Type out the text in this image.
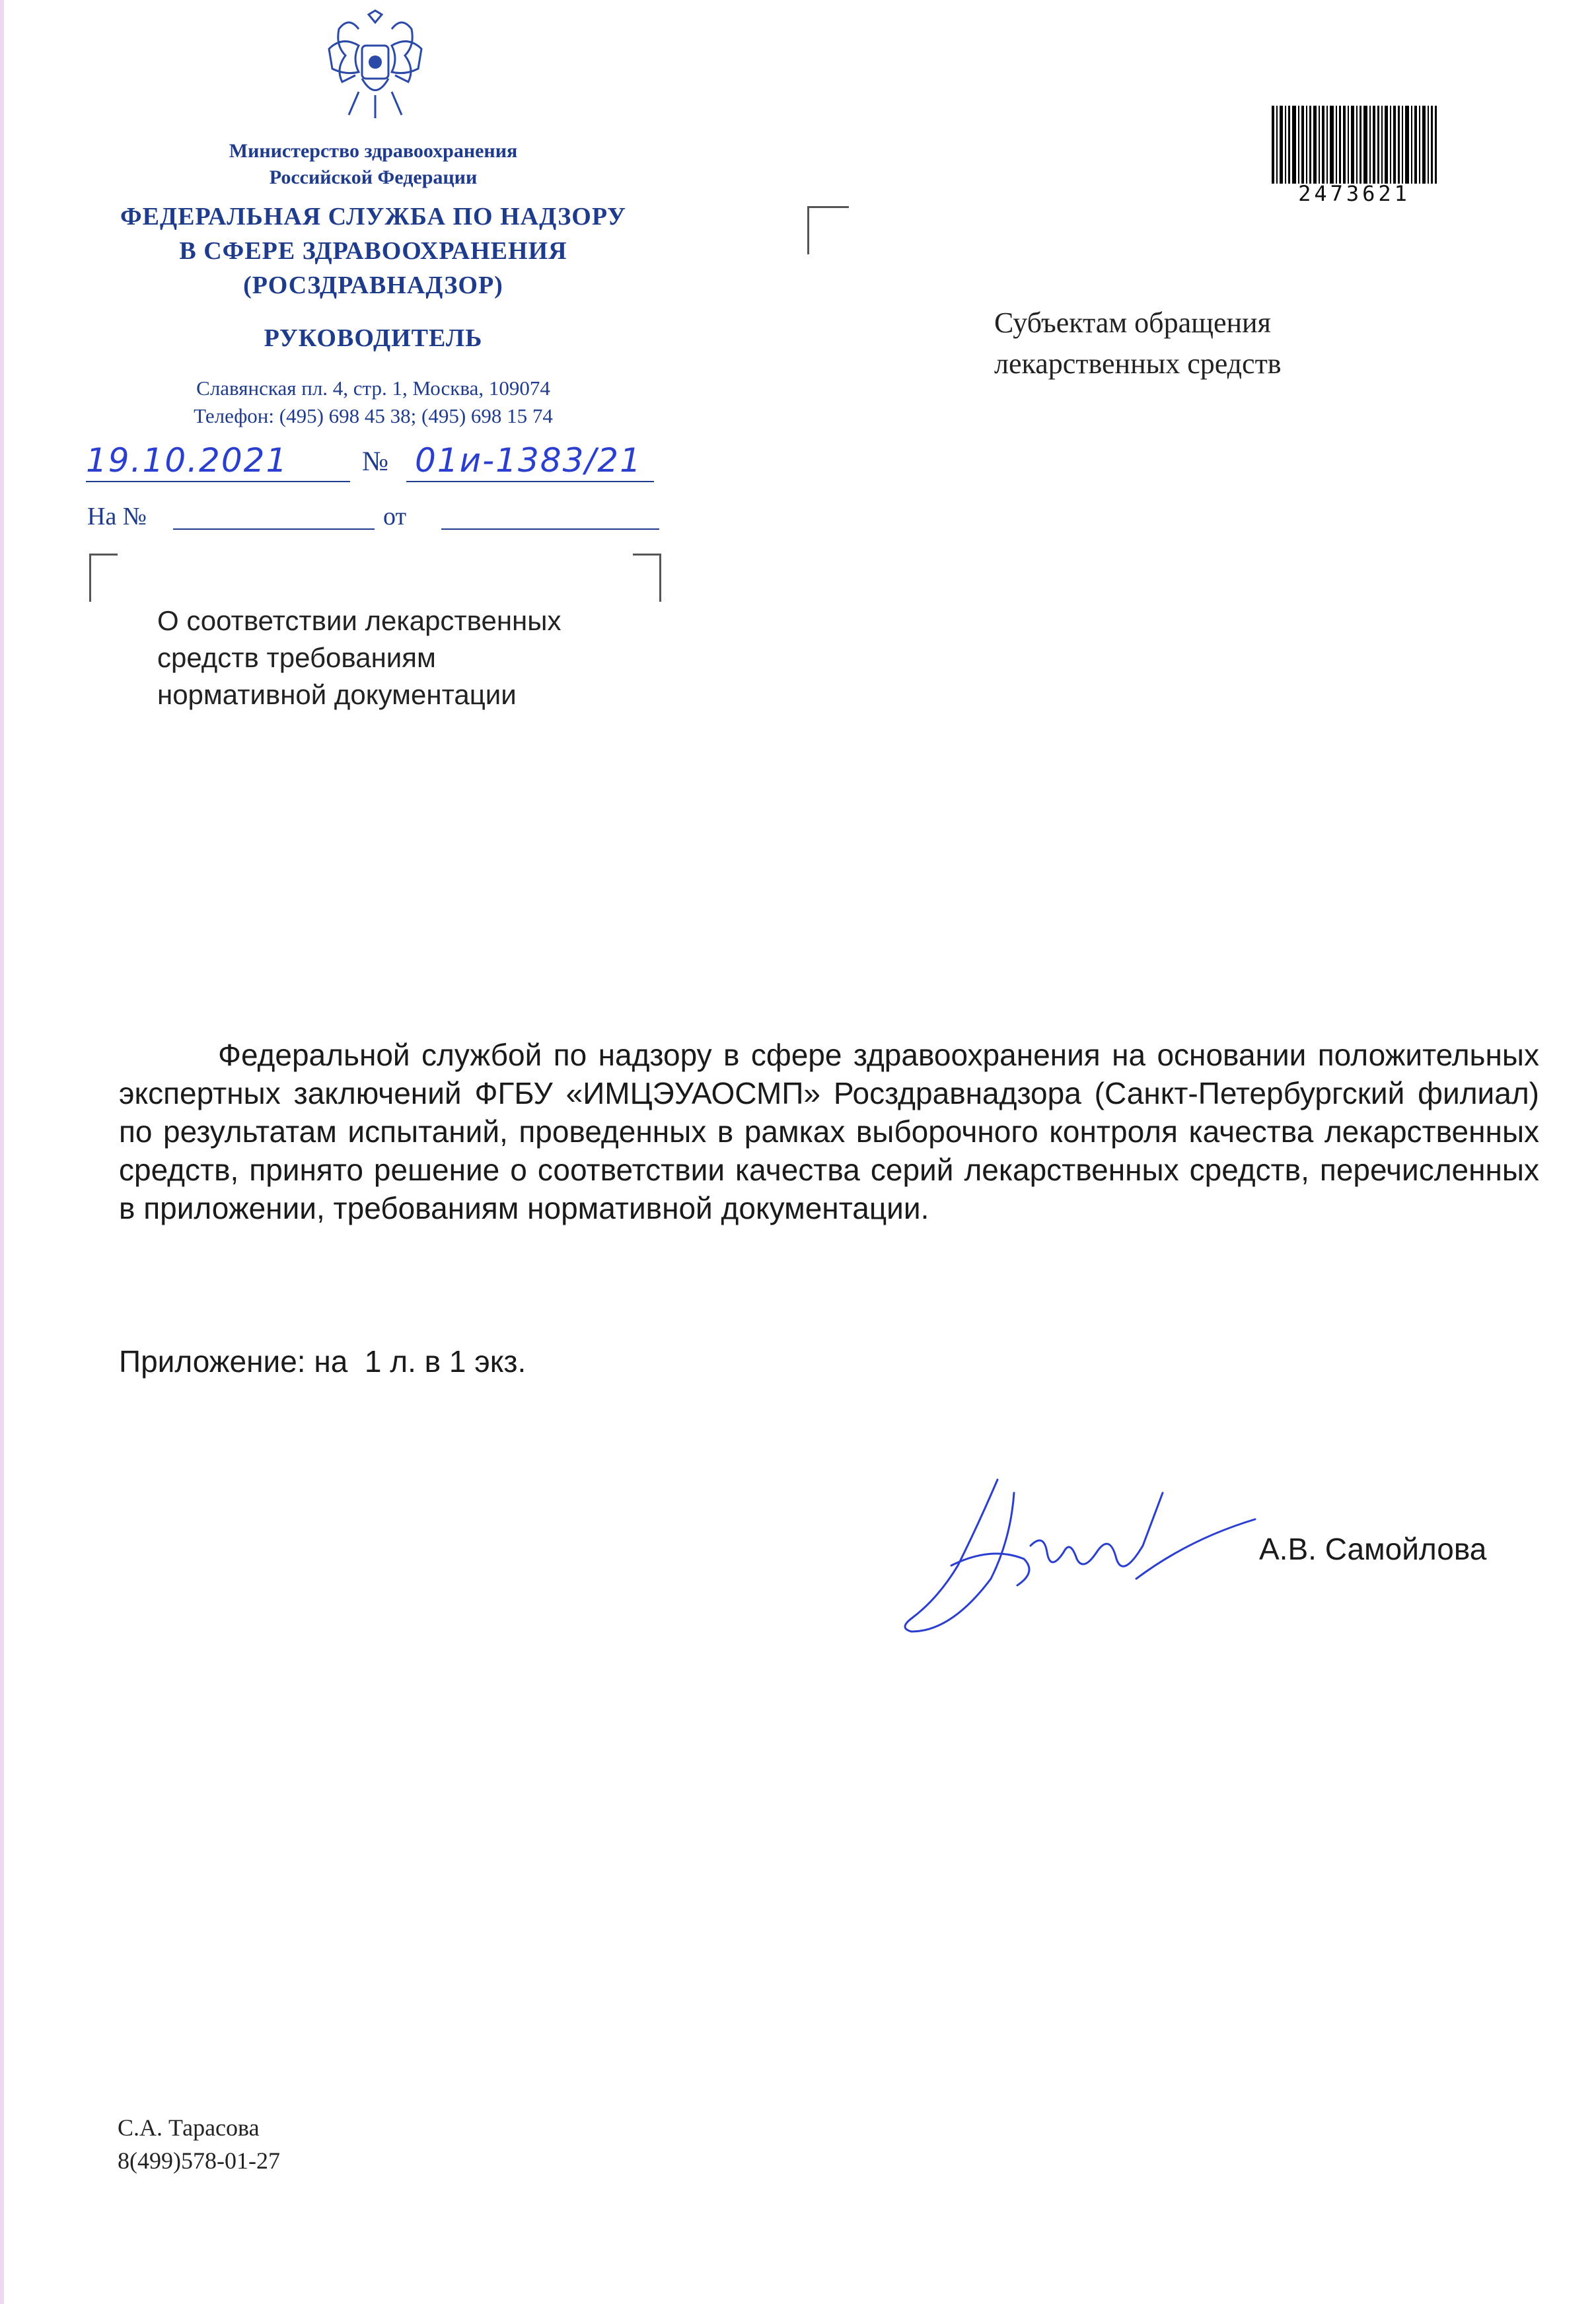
Министерство здравоохранения
Российской Федерации
ФЕДЕРАЛЬНАЯ СЛУЖБА ПО НАДЗОРУ
В СФЕРЕ ЗДРАВООХРАНЕНИЯ
(РОСЗДРАВНАДЗОР)
РУКОВОДИТЕЛЬ
Славянская пл. 4, стр. 1, Москва, 109074
Телефон: (495) 698 45 38; (495) 698 15 74
19.10.2021	№ 01и-1383/21
На №	от
2473621
Субъектам обращения
лекарственных средств
О соответствии лекарственных
средств требованиям
нормативной документации
Федеральной службой по надзору в сфере здравоохранения на основании положительных экспертных заключений ФГБУ «ИМЦЭУАОСМП» Росздравнадзора (Санкт-Петербургский филиал) по результатам испытаний, проведенных в рамках выборочного контроля качества лекарственных средств, принято решение о соответствии качества серий лекарственных средств, перечисленных в приложении, требованиям нормативной документации.
Приложение: на  1 л. в 1 экз.
А.В. Самойлова
С.А. Тарасова
8(499)578-01-27
